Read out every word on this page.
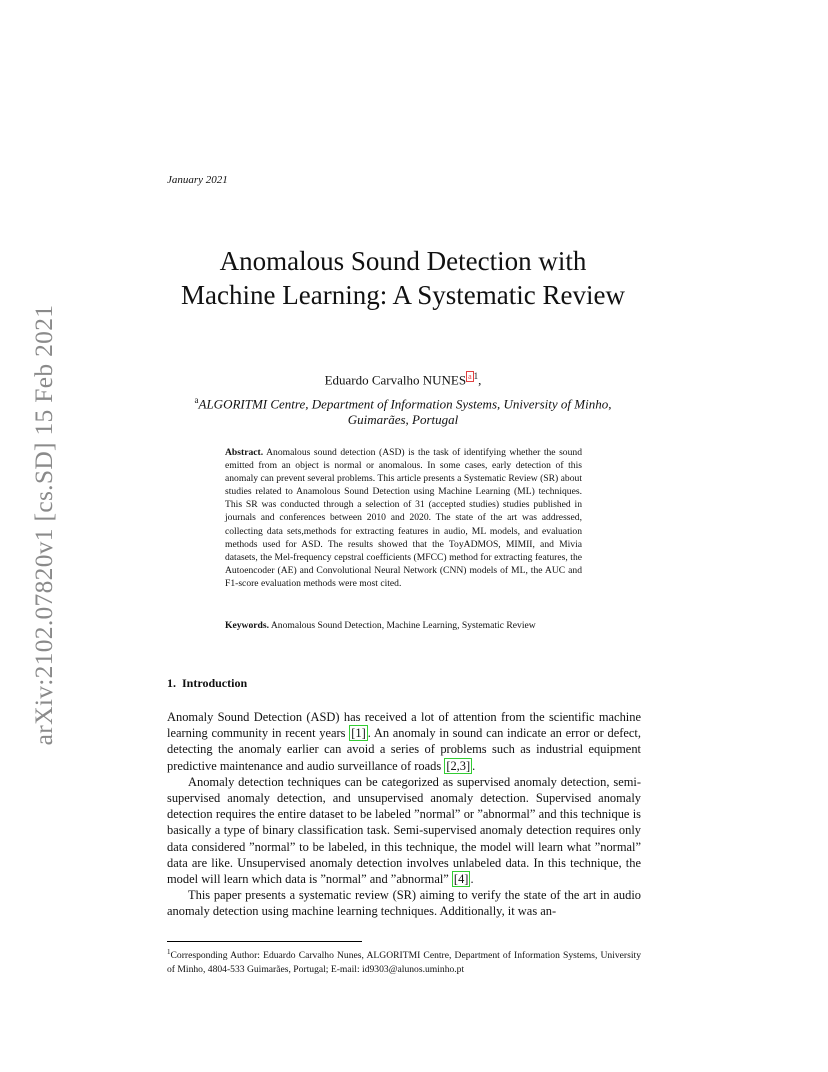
arXiv:2102.07820v1 [cs.SD] 15 Feb 2021
January 2021
Anomalous Sound Detection with
Machine Learning: A Systematic Review
Eduardo Carvalho NUNES a $^1$,
$^a$ALGORITMI Centre, Department of Information Systems, University of Minho,
Guimarães, Portugal
Abstract. Anomalous sound detection (ASD) is the task of identifying whether the sound emitted from an object is normal or anomalous. In some cases, early detection of this anomaly can prevent several problems. This article presents a Systematic Review (SR) about studies related to Anamolous Sound Detection using Machine Learning (ML) techniques. This SR was conducted through a selection of 31 (accepted studies) studies published in journals and conferences between 2010 and 2020. The state of the art was addressed, collecting data sets,methods for extracting features in audio, ML models, and evaluation methods used for ASD. The results showed that the ToyADMOS, MIMII, and Mivia datasets, the Mel-frequency cepstral coefficients (MFCC) method for extracting features, the Autoencoder (AE) and Convolutional Neural Network (CNN) models of ML, the AUC and F1-score evaluation methods were most cited.
Keywords. Anomalous Sound Detection, Machine Learning, Systematic Review
1. Introduction

Anomaly Sound Detection (ASD) has received a lot of attention from the scientific machine learning community in recent years [1] . An anomaly in sound can indicate an error or defect, detecting the anomaly earlier can avoid a series of problems such as industrial equipment predictive maintenance and audio surveillance of roads [2,3] .

Anomaly detection techniques can be categorized as supervised anomaly detection, semi-supervised anomaly detection, and unsupervised anomaly detection. Supervised anomaly detection requires the entire dataset to be labeled ”normal” or ”abnormal” and this technique is basically a type of binary classification task. Semi-supervised anomaly detection requires only data considered ”normal” to be labeled, in this technique, the model will learn what ”normal” data are like. Unsupervised anomaly detection involves unlabeled data. In this technique, the model will learn which data is ”normal” and ”abnormal” [4] .

This paper presents a systematic review (SR) aiming to verify the state of the art in audio anomaly detection using machine learning techniques. Additionally, it was an-

$^1$Corresponding Author: Eduardo Carvalho Nunes, ALGORITMI Centre, Department of Information Systems, University of Minho, 4804-533 Guimarães, Portugal; E-mail: id9303@alunos.uminho.pt
